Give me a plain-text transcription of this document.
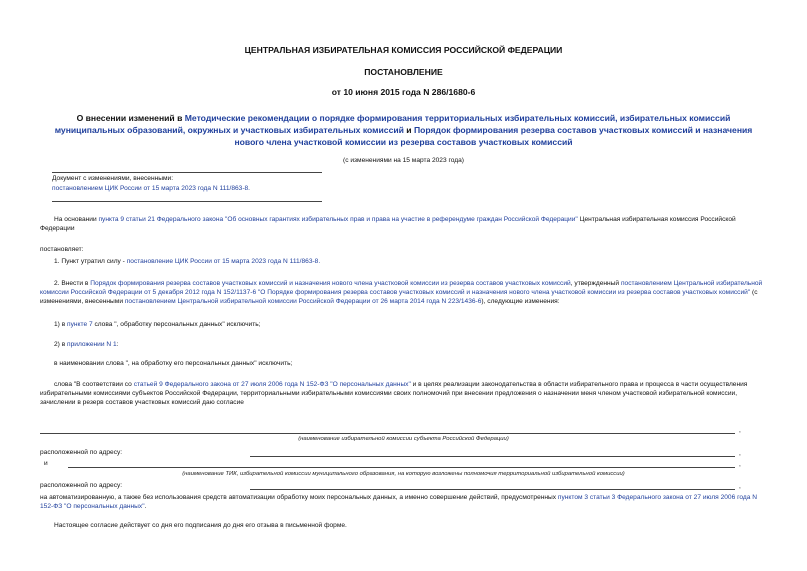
ЦЕНТРАЛЬНАЯ ИЗБИРАТЕЛЬНАЯ КОМИССИЯ РОССИЙСКОЙ ФЕДЕРАЦИИ
ПОСТАНОВЛЕНИЕ
от 10 июня 2015 года N 286/1680-6
О внесении изменений в Методические рекомендации о порядке формирования территориальных избирательных комиссий, избирательных комиссий муниципальных образований, окружных и участковых избирательных комиссий и Порядок формирования резерва составов участковых комиссий и назначения нового члена участковой комиссии из резерва составов участковых комиссий
(с изменениями на 15 марта 2023 года)
Документ с изменениями, внесенными:
постановлением ЦИК России от 15 марта 2023 года N 111/863-8.
На основании пункта 9 статьи 21 Федерального закона "Об основных гарантиях избирательных прав и права на участие в референдуме граждан Российской Федерации" Центральная избирательная комиссия Российской Федерации
постановляет:
1. Пункт утратил силу - постановление ЦИК России от 15 марта 2023 года N 111/863-8.
2. Внести в Порядок формирования резерва составов участковых комиссий и назначения нового члена участковой комиссии из резерва составов участковых комиссий, утвержденный постановлением Центральной избирательной комиссии Российской Федерации от 5 декабря 2012 года N 152/1137-6 "О Порядке формирования резерва составов участковых комиссий и назначения нового члена участковой комиссии из резерва составов участковых комиссий" (с изменениями, внесенными постановлением Центральной избирательной комиссии Российской Федерации от 26 марта 2014 года N 223/1436-6), следующие изменения:
1) в пункте 7 слова ", обработку персональных данных" исключить;
2) в приложении N 1:
в наименовании слова ", на обработку его персональных данных" исключить;
слова "В соответствии со статьей 9 Федерального закона от 27 июля 2006 года N 152-ФЗ "О персональных данных" и в целях реализации законодательства в области избирательного права и процесса в части осуществления избирательными комиссиями субъектов Российской Федерации, территориальными избирательными комиссиями своих полномочий при внесении предложения о назначении меня членом участковой избирательной комиссии, зачислении в резерв составов участковых комиссий даю согласие
,
(наименование избирательной комиссии субъекта Российской Федерации)
расположенной по адресу:	,
и	,
(наименование ТИК, избирательной комиссии муниципального образования, на которую возложены полномочия территориальной избирательной комиссии)
расположенной по адресу:	,
на автоматизированную, а также без использования средств автоматизации обработку моих персональных данных, а именно совершение действий, предусмотренных пунктом 3 статьи 3 Федерального закона от 27 июля 2006 года N 152-ФЗ "О персональных данных".
Настоящее согласие действует со дня его подписания до дня его отзыва в письменной форме.
